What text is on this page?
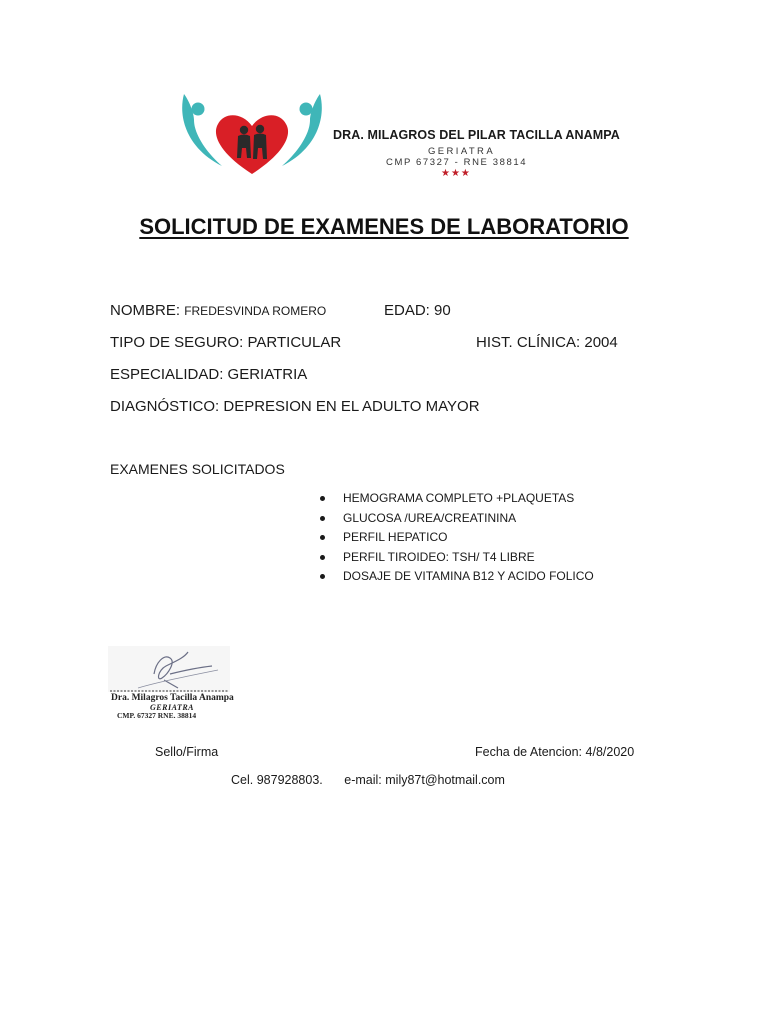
DRA. MILAGROS DEL PILAR TACILLA ANAMPA
GERIATRA
CMP 67327 - RNE 38814
★★★
SOLICITUD DE EXAMENES DE LABORATORIO
NOMBRE: FREDESVINDA ROMERO	EDAD: 90
TIPO DE SEGURO: PARTICULAR	HIST. CLÍNICA: 2004
ESPECIALIDAD: GERIATRIA
DIAGNÓSTICO: DEPRESION EN EL ADULTO MAYOR
EXAMENES SOLICITADOS
HEMOGRAMA COMPLETO +PLAQUETAS
GLUCOSA /UREA/CREATININA
PERFIL HEPATICO
PERFIL TIROIDEO: TSH/ T4 LIBRE
DOSAJE DE VITAMINA B12 Y ACIDO FOLICO
Dra. Milagros Tacilla Anampa
GERIATRA
CMP. 67327 RNE. 38814
Sello/Firma	Fecha de Atencion: 4/8/2020
Cel. 987928803. e-mail: mily87t@hotmail.com
